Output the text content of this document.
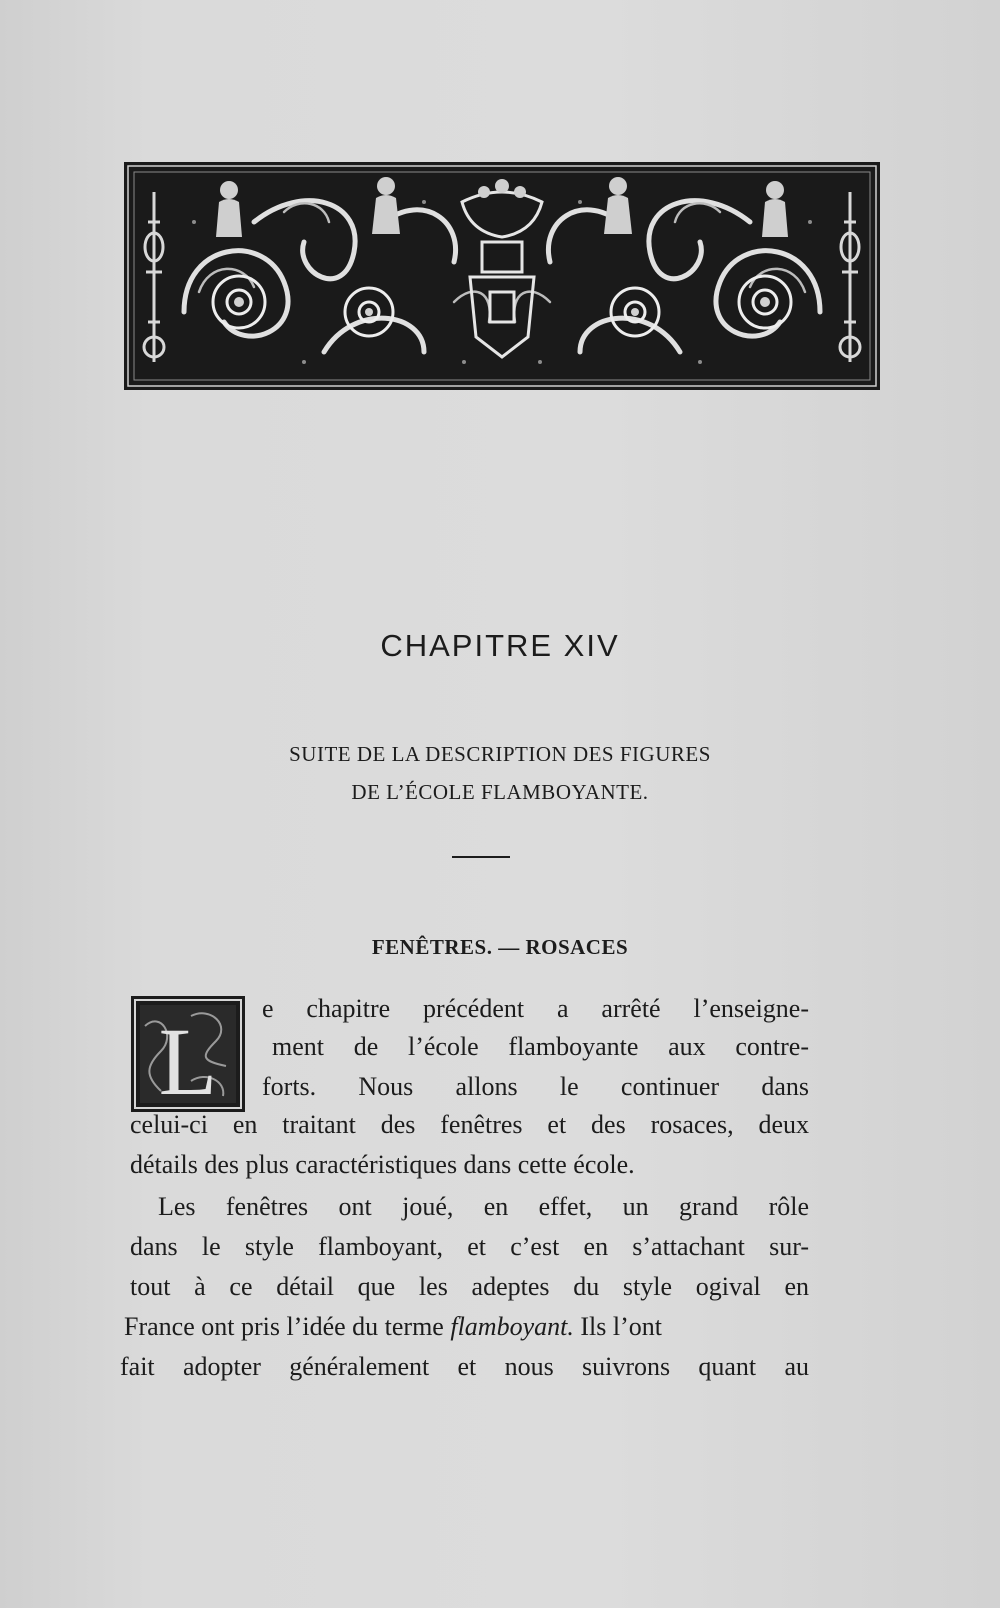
CHAPITRE XIV

SUITE DE LA DESCRIPTION DES FIGURES

DE L’ÉCOLE FLAMBOYANTE.

FENÊTRES. — ROSACES
L e chapitre précédent a arrêté l’enseigne-

ment de l’école flamboyante aux contre-

forts. Nous allons le continuer dans

celui-ci en traitant des fenêtres et des rosaces, deux

détails des plus caractéristiques dans cette école.

Les fenêtres ont joué, en effet, un grand rôle

dans le style flamboyant, et c’est en s’attachant sur-

tout à ce détail que les adeptes du style ogival en

France ont pris l’idée du terme flamboyant. Ils l’ont

fait adopter généralement et nous suivrons quant au
